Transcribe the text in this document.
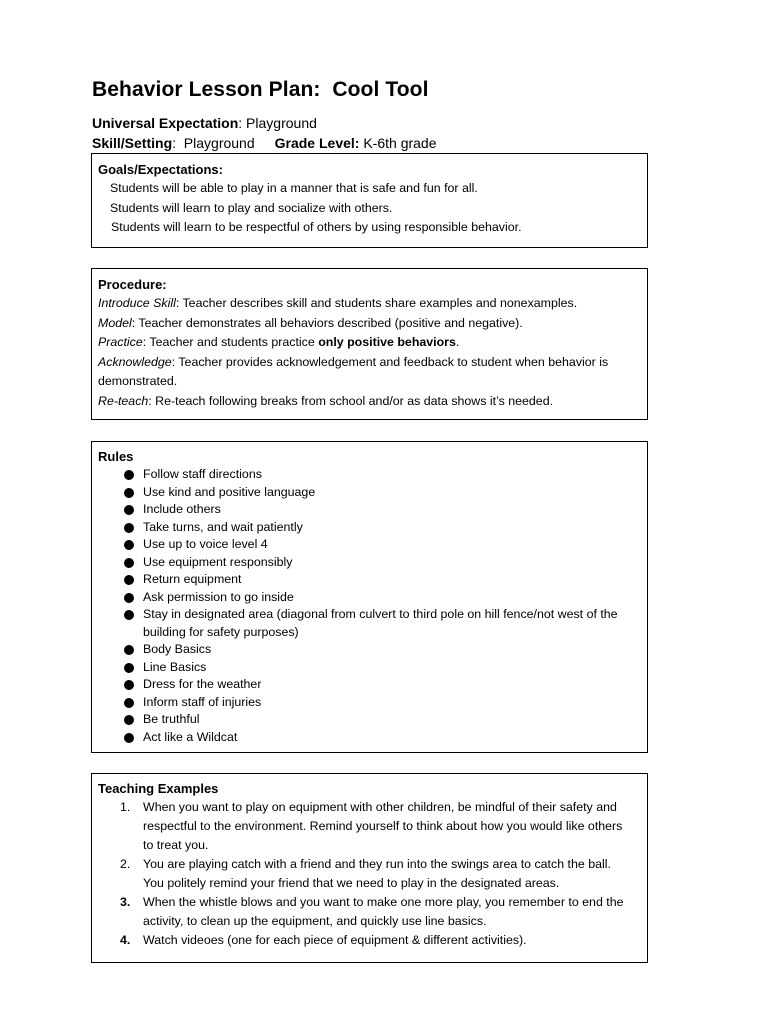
Behavior Lesson Plan:  Cool Tool
Universal Expectation: Playground
Skill/Setting:  Playground Grade Level: K-6th grade
Goals/Expectations:
Students will be able to play in a manner that is safe and fun for all.
Students will learn to play and socialize with others.
Students will learn to be respectful of others by using responsible behavior.
Procedure:
Introduce Skill: Teacher describes skill and students share examples and nonexamples.
Model: Teacher demonstrates all behaviors described (positive and negative).
Practice: Teacher and students practice only positive behaviors.
Acknowledge: Teacher provides acknowledgement and feedback to student when behavior is demonstrated.
Re-teach: Re-teach following breaks from school and/or as data shows it’s needed.
Rules
Follow staff directions
Use kind and positive language
Include others
Take turns, and wait patiently
Use up to voice level 4
Use equipment responsibly
Return equipment
Ask permission to go inside
Stay in designated area (diagonal from culvert to third pole on hill fence/not west of the building for safety purposes)
Body Basics
Line Basics
Dress for the weather
Inform staff of injuries
Be truthful
Act like a Wildcat
Teaching Examples
1. When you want to play on equipment with other children, be mindful of their safety and respectful to the environment. Remind yourself to think about how you would like others to treat you.
2. You are playing catch with a friend and they run into the swings area to catch the ball. You politely remind your friend that we need to play in the designated areas.
3. When the whistle blows and you want to make one more play, you remember to end the activity, to clean up the equipment, and quickly use line basics.
4. Watch videoes (one for each piece of equipment & different activities).
